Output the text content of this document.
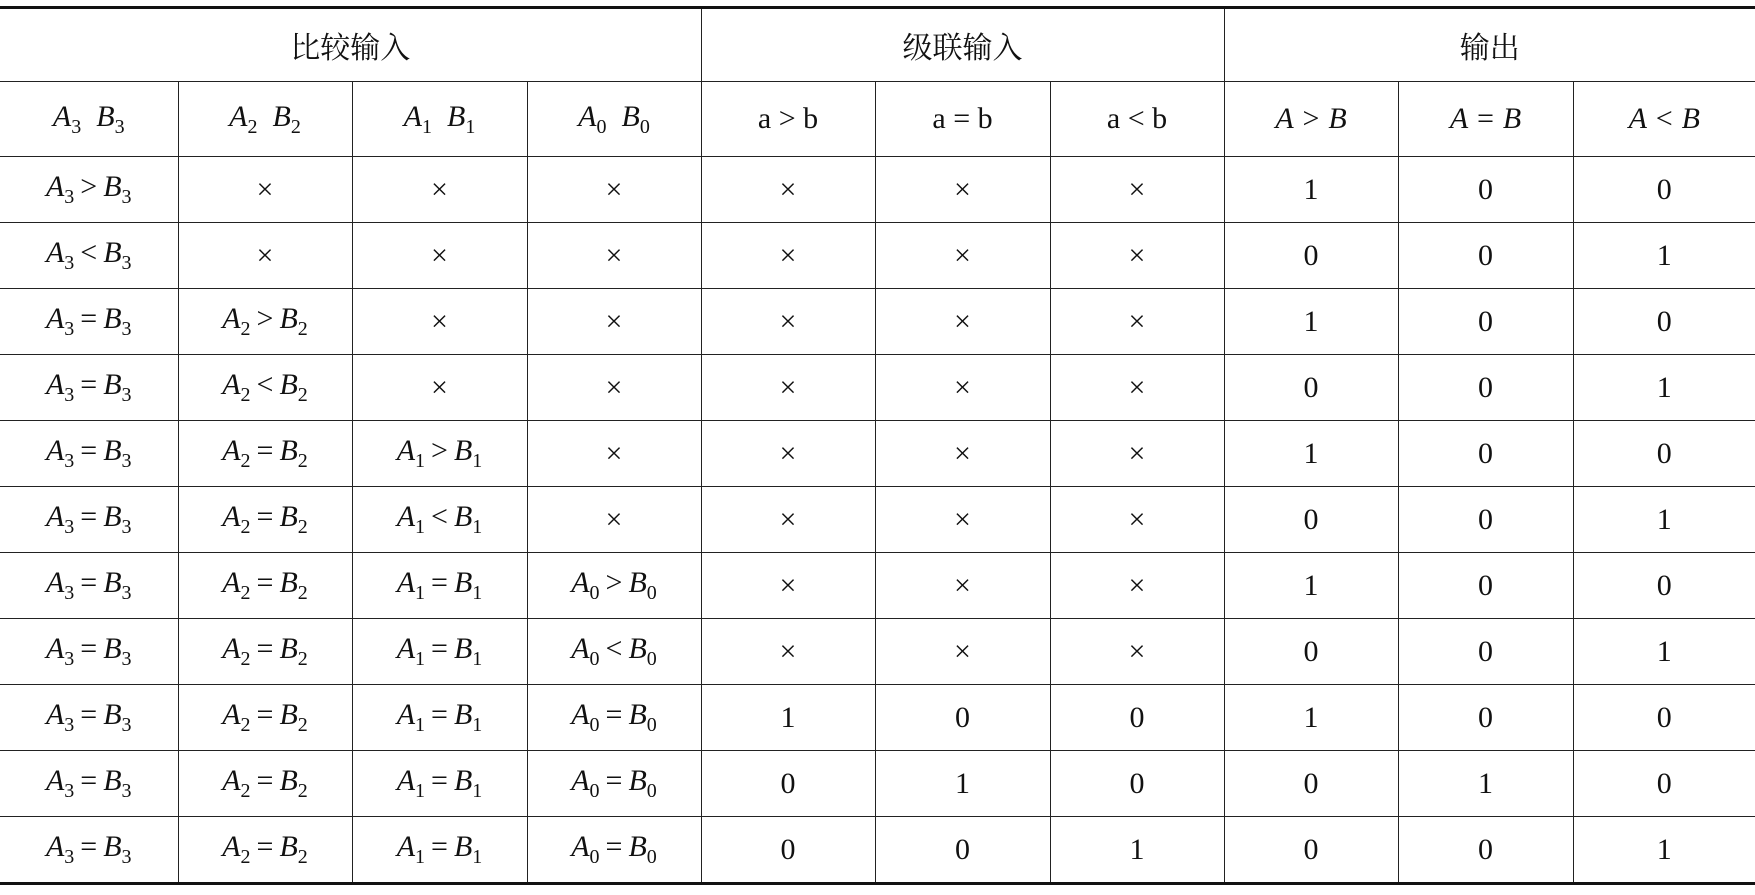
比较输入				级联输入			输出		
$A_3$  $B_3$	$A_2$  $B_2$	$A_1$  $B_1$	$A_0$  $B_0$	a > b	a = b	a < b	A > B	A = B	A < B
$A_3 > B_3$	×	×	×	×	×	×	1	0	0
$A_3 < B_3$	×	×	×	×	×	×	0	0	1
$A_3 = B_3$	$A_2 > B_2$	×	×	×	×	×	1	0	0
$A_3 = B_3$	$A_2 < B_2$	×	×	×	×	×	0	0	1
$A_3 = B_3$	$A_2 = B_2$	$A_1 > B_1$	×	×	×	×	1	0	0
$A_3 = B_3$	$A_2 = B_2$	$A_1 < B_1$	×	×	×	×	0	0	1
$A_3 = B_3$	$A_2 = B_2$	$A_1 = B_1$	$A_0 > B_0$	×	×	×	1	0	0
$A_3 = B_3$	$A_2 = B_2$	$A_1 = B_1$	$A_0 < B_0$	×	×	×	0	0	1
$A_3 = B_3$	$A_2 = B_2$	$A_1 = B_1$	$A_0 = B_0$	1	0	0	1	0	0
$A_3 = B_3$	$A_2 = B_2$	$A_1 = B_1$	$A_0 = B_0$	0	1	0	0	1	0
$A_3 = B_3$	$A_2 = B_2$	$A_1 = B_1$	$A_0 = B_0$	0	0	1	0	0	1
